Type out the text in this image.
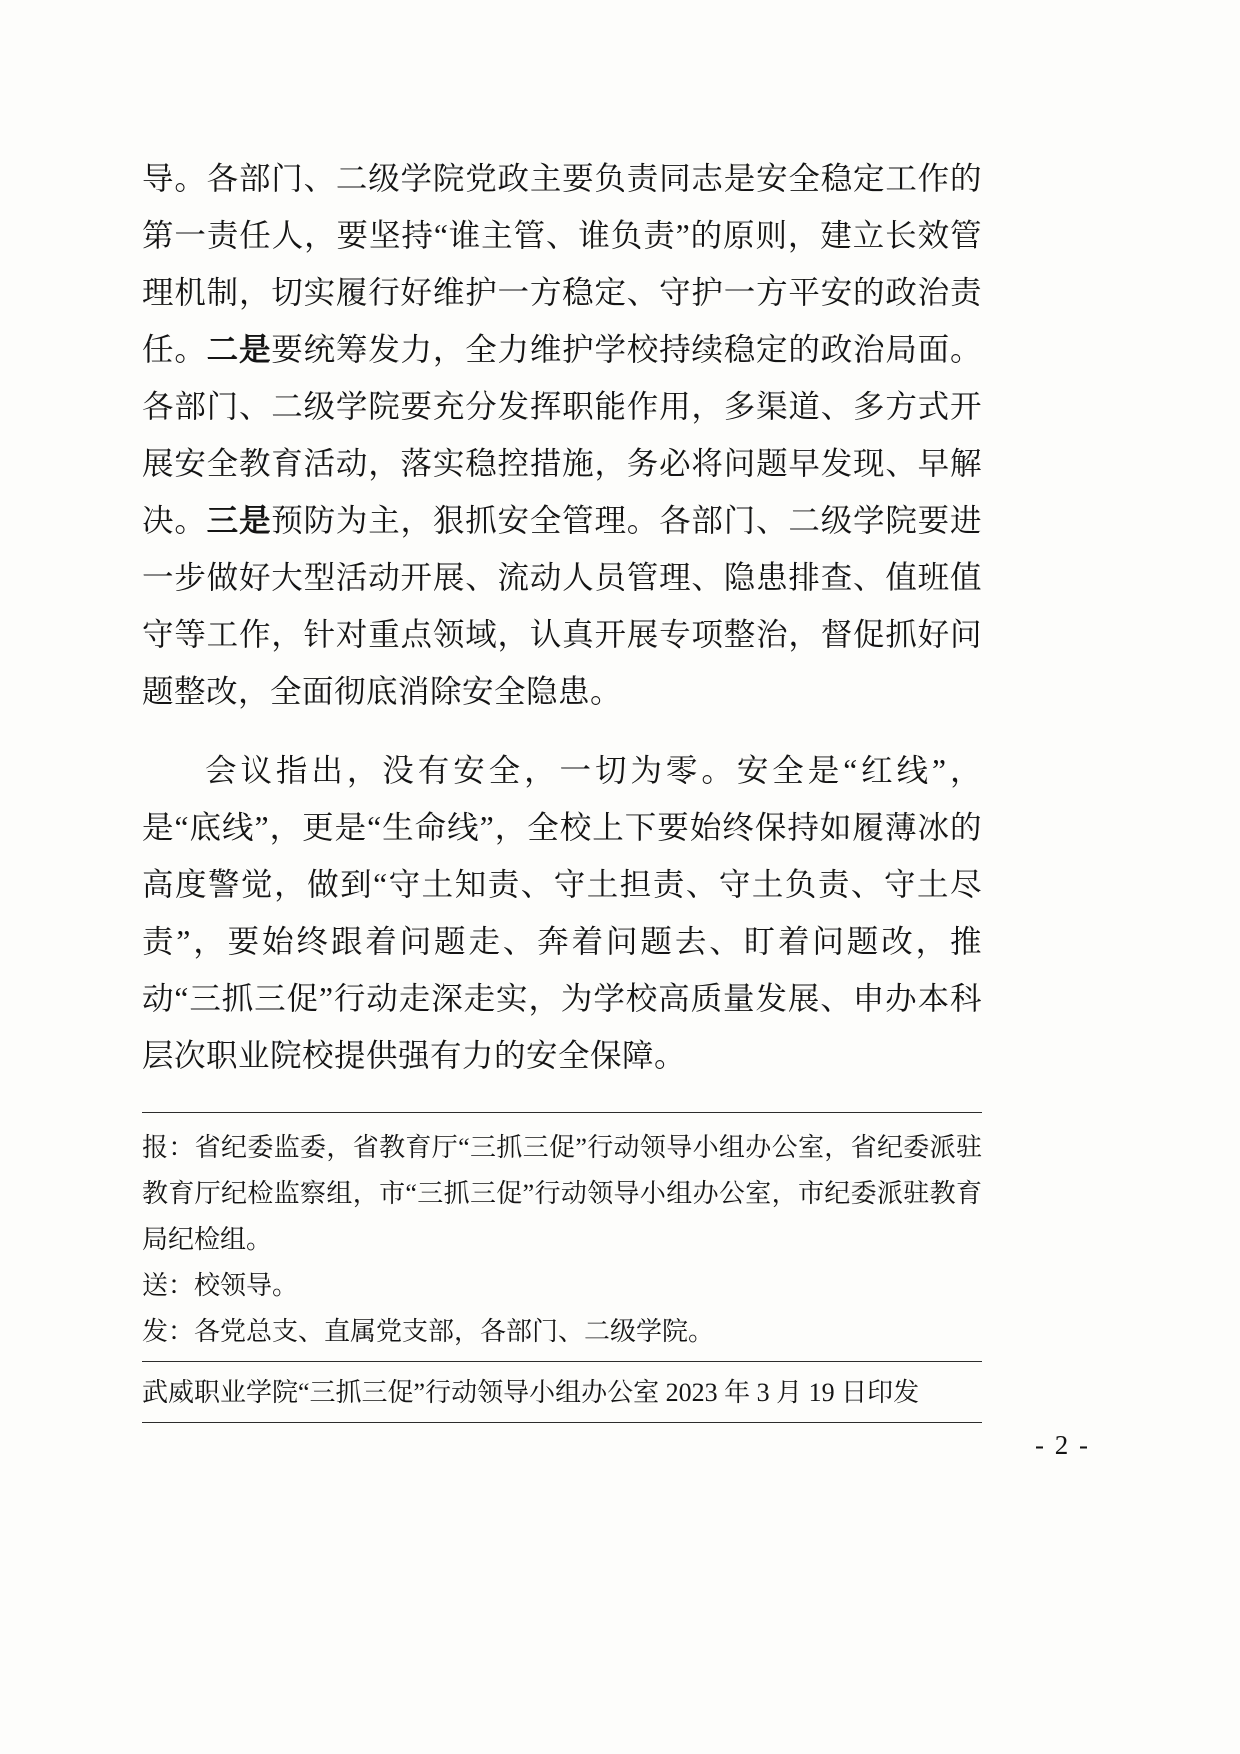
导。各部门、二级学院党政主要负责同志是安全稳定工作的第一责任人，要坚持“谁主管、谁负责”的原则，建立长效管理机制，切实履行好维护一方稳定、守护一方平安的政治责任。二是要统筹发力，全力维护学校持续稳定的政治局面。各部门、二级学院要充分发挥职能作用，多渠道、多方式开展安全教育活动，落实稳控措施，务必将问题早发现、早解决。三是预防为主，狠抓安全管理。各部门、二级学院要进一步做好大型活动开展、流动人员管理、隐患排查、值班值守等工作，针对重点领域，认真开展专项整治，督促抓好问题整改，全面彻底消除安全隐患。

会议指出，没有安全，一切为零。安全是“红线”，是“底线”，更是“生命线”，全校上下要始终保持如履薄冰的高度警觉，做到“守土知责、守土担责、守土负责、守土尽责”，要始终跟着问题走、奔着问题去、盯着问题改，推动“三抓三促”行动走深走实，为学校高质量发展、申办本科层次职业院校提供强有力的安全保障。

报：省纪委监委，省教育厅“三抓三促”行动领导小组办公室，省纪委派驻教育厅纪检监察组，市“三抓三促”行动领导小组办公室，市纪委派驻教育局纪检组。
送：校领导。
发：各党总支、直属党支部，各部门、二级学院。
武威职业学院“三抓三促”行动领导小组办公室 2023 年 3 月 19 日印发
- 2 -
